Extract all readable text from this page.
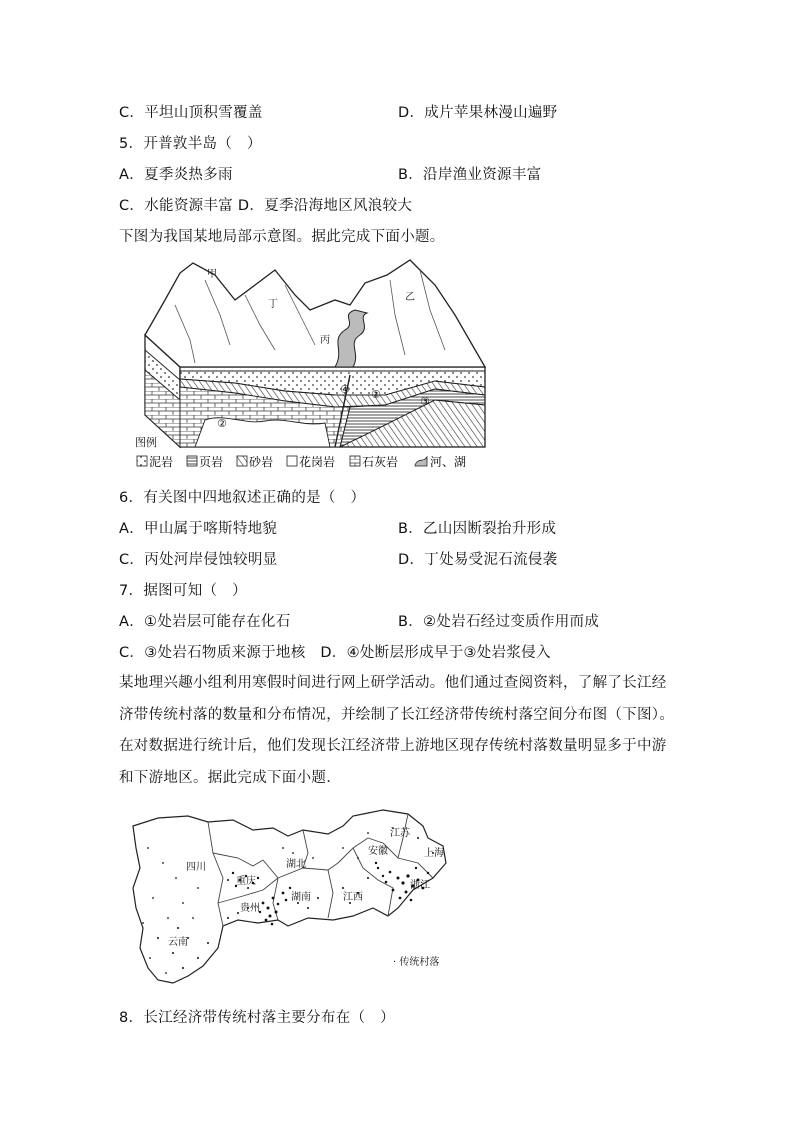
C．平坦山顶积雪覆盖	D．成片苹果林漫山遍野
5．开普敦半岛（　）
A．夏季炎热多雨	B．沿岸渔业资源丰富
C．水能资源丰富 D．夏季沿海地区风浪较大
下图为我国某地局部示意图。据此完成下面小题。
甲
丁
乙
丙
①
②
③
④
图例
泥岩 页岩 砂岩 花岗岩 石灰岩	河、湖
6．有关图中四地叙述正确的是（　）
A．甲山属于喀斯特地貌	B．乙山因断裂抬升形成
C．丙处河岸侵蚀较明显	D．丁处易受泥石流侵袭
7．据图可知（　）
A．①处岩层可能存在化石	B．②处岩石经过变质作用而成
C．③处岩石物质来源于地核　D．④处断层形成早于③处岩浆侵入
某地理兴趣小组利用寒假时间进行网上研学活动。他们通过查阅资料，了解了长江经济带传统村落的数量和分布情况，并绘制了长江经济带传统村落空间分布图（下图）。在对数据进行统计后，他们发现长江经济带上游地区现存传统村落数量明显多于中游和下游地区。据此完成下面小题.
四川
重庆
贵州
云南
湖北
湖南	江西
安徽
江苏
上海
浙江
· 传统村落
8．长江经济带传统村落主要分布在（　）
